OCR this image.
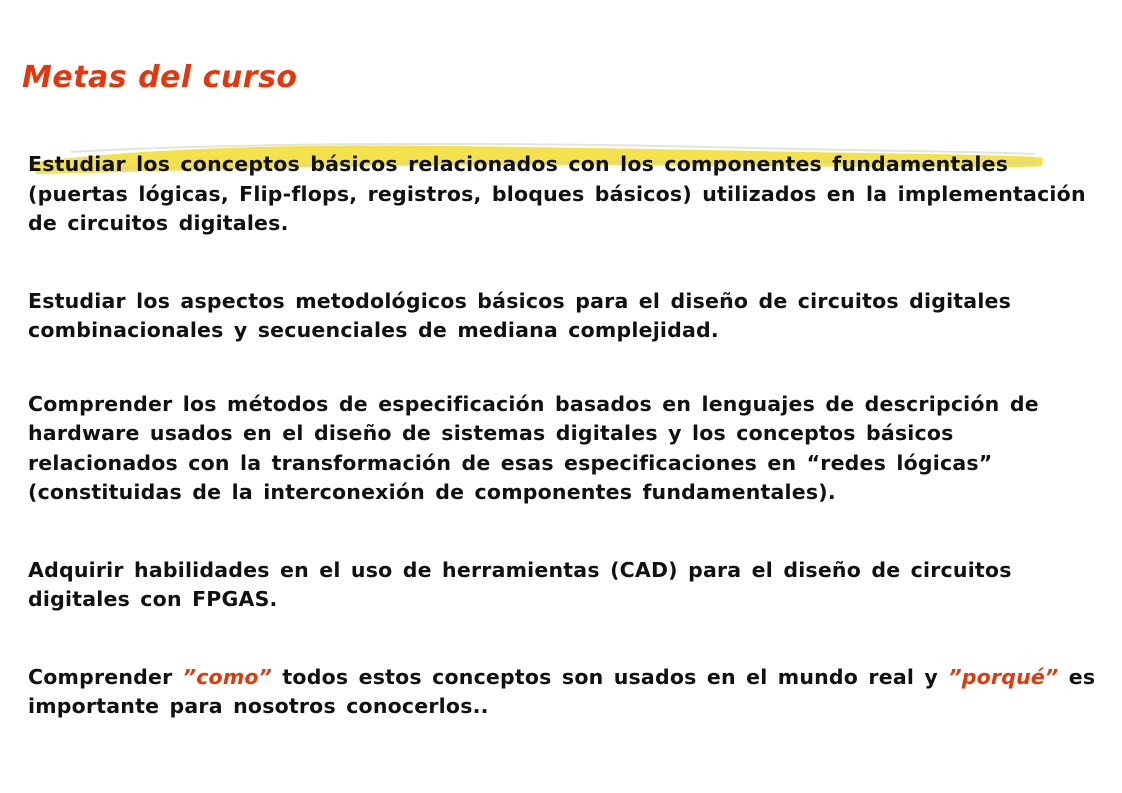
Metas del curso
Estudiar los conceptos básicos relacionados con los componentes fundamentales (puertas lógicas, Flip-flops, registros, bloques básicos) utilizados en la implementación de circuitos digitales.
Estudiar los aspectos metodológicos básicos para el diseño de circuitos digitales combinacionales y secuenciales de mediana complejidad.
Comprender los métodos de especificación basados en lenguajes de descripción de hardware usados en el diseño de sistemas digitales y los conceptos básicos relacionados con la transformación de esas especificaciones en “redes lógicas” (constituidas de la interconexión de componentes fundamentales).
Adquirir habilidades en el uso de herramientas (CAD) para el diseño de circuitos digitales con FPGAS.
Comprender ”como” todos estos conceptos son usados en el mundo real y ”porqué” es importante para nosotros conocerlos..
